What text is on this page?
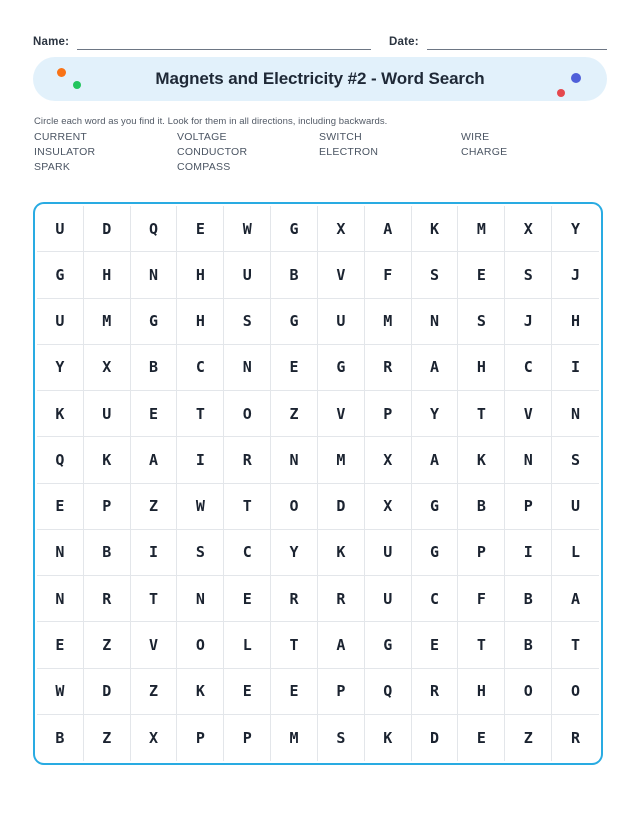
Name:	Date:
Magnets and Electricity #2 - Word Search
Circle each word as you find it. Look for them in all directions, including backwards.
CURRENT	VOLTAGE	SWITCH	WIRE
INSULATOR	CONDUCTOR	ELECTRON	CHARGE
SPARK	COMPASS
U	D	Q	E	W	G	X	A	K	M	X	Y
G	H	N	H	U	B	V	F	S	E	S	J
U	M	G	H	S	G	U	M	N	S	J	H
Y	X	B	C	N	E	G	R	A	H	C	I
K	U	E	T	O	Z	V	P	Y	T	V	N
Q	K	A	I	R	N	M	X	A	K	N	S
E	P	Z	W	T	O	D	X	G	B	P	U
N	B	I	S	C	Y	K	U	G	P	I	L
N	R	T	N	E	R	R	U	C	F	B	A
E	Z	V	O	L	T	A	G	E	T	B	T
W	D	Z	K	E	E	P	Q	R	H	O	O
B	Z	X	P	P	M	S	K	D	E	Z	R
